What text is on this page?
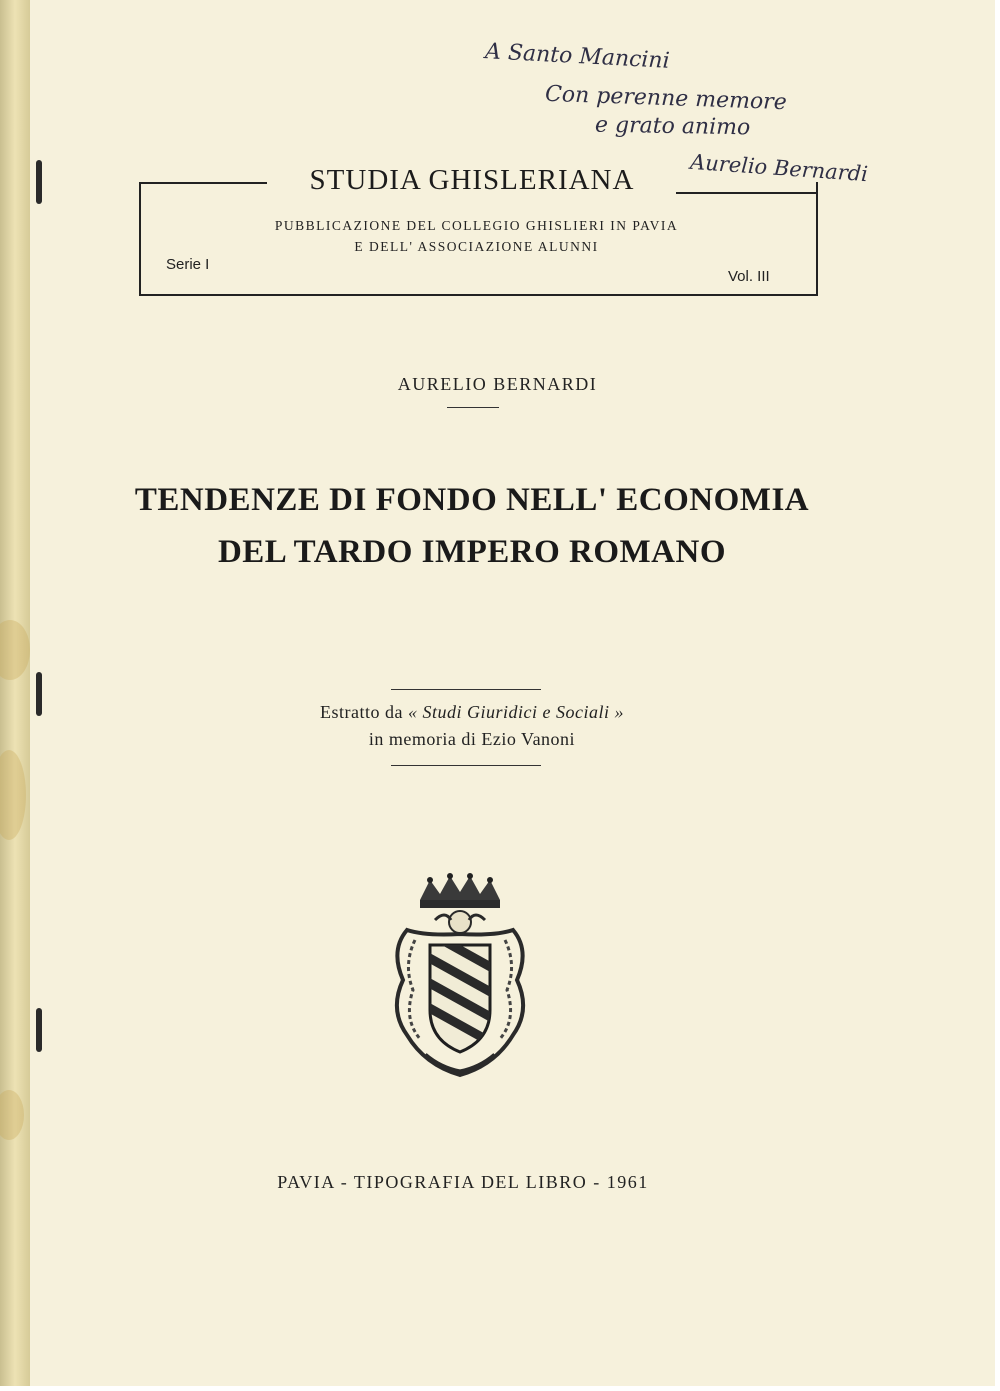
A Santo Mancini
Con perenne memore
e grato animo
Aurelio Bernardi
STUDIA GHISLERIANA
PUBBLICAZIONE DEL COLLEGIO GHISLIERI IN PAVIA
E DELL' ASSOCIAZIONE ALUNNI
Serie I
Vol. III
AURELIO BERNARDI
TENDENZE DI FONDO NELL' ECONOMIA
DEL TARDO IMPERO ROMANO
Estratto da « Studi Giuridici e Sociali »
in memoria di Ezio Vanoni
PAVIA - TIPOGRAFIA DEL LIBRO - 1961
